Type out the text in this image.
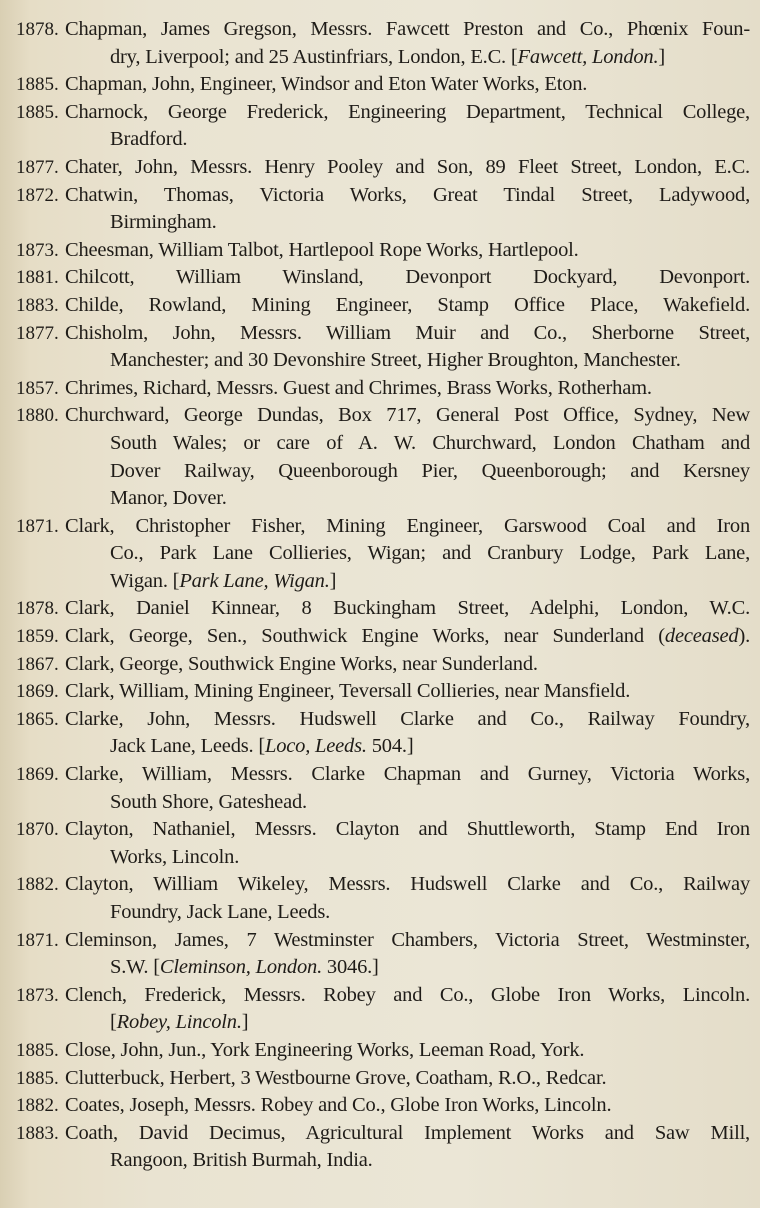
1878. Chapman, James Gregson, Messrs. Fawcett Preston and Co., Phœnix Foun-
dry, Liverpool; and 25 Austinfriars, London, E.C. [Fawcett, London.]
1885. Chapman, John, Engineer, Windsor and Eton Water Works, Eton.
1885. Charnock, George Frederick, Engineering Department, Technical College,
Bradford.
1877. Chater, John, Messrs. Henry Pooley and Son, 89 Fleet Street, London, E.C.
1872. Chatwin, Thomas, Victoria Works, Great Tindal Street, Ladywood,
Birmingham.
1873. Cheesman, William Talbot, Hartlepool Rope Works, Hartlepool.
1881. Chilcott, William Winsland, Devonport Dockyard, Devonport.
1883. Childe, Rowland, Mining Engineer, Stamp Office Place, Wakefield.
1877. Chisholm, John, Messrs. William Muir and Co., Sherborne Street,
Manchester; and 30 Devonshire Street, Higher Broughton, Manchester.
1857. Chrimes, Richard, Messrs. Guest and Chrimes, Brass Works, Rotherham.
1880. Churchward, George Dundas, Box 717, General Post Office, Sydney, New
South Wales; or care of A. W. Churchward, London Chatham and
Dover Railway, Queenborough Pier, Queenborough; and Kersney
Manor, Dover.
1871. Clark, Christopher Fisher, Mining Engineer, Garswood Coal and Iron
Co., Park Lane Collieries, Wigan; and Cranbury Lodge, Park Lane,
Wigan. [Park Lane, Wigan.]
1878. Clark, Daniel Kinnear, 8 Buckingham Street, Adelphi, London, W.C.
1859. Clark, George, Sen., Southwick Engine Works, near Sunderland (deceased).
1867. Clark, George, Southwick Engine Works, near Sunderland.
1869. Clark, William, Mining Engineer, Teversall Collieries, near Mansfield.
1865. Clarke, John, Messrs. Hudswell Clarke and Co., Railway Foundry,
Jack Lane, Leeds. [Loco, Leeds. 504.]
1869. Clarke, William, Messrs. Clarke Chapman and Gurney, Victoria Works,
South Shore, Gateshead.
1870. Clayton, Nathaniel, Messrs. Clayton and Shuttleworth, Stamp End Iron
Works, Lincoln.
1882. Clayton, William Wikeley, Messrs. Hudswell Clarke and Co., Railway
Foundry, Jack Lane, Leeds.
1871. Cleminson, James, 7 Westminster Chambers, Victoria Street, Westminster,
S.W. [Cleminson, London. 3046.]
1873. Clench, Frederick, Messrs. Robey and Co., Globe Iron Works, Lincoln.
[Robey, Lincoln.]
1885. Close, John, Jun., York Engineering Works, Leeman Road, York.
1885. Clutterbuck, Herbert, 3 Westbourne Grove, Coatham, R.O., Redcar.
1882. Coates, Joseph, Messrs. Robey and Co., Globe Iron Works, Lincoln.
1883. Coath, David Decimus, Agricultural Implement Works and Saw Mill,
Rangoon, British Burmah, India.
